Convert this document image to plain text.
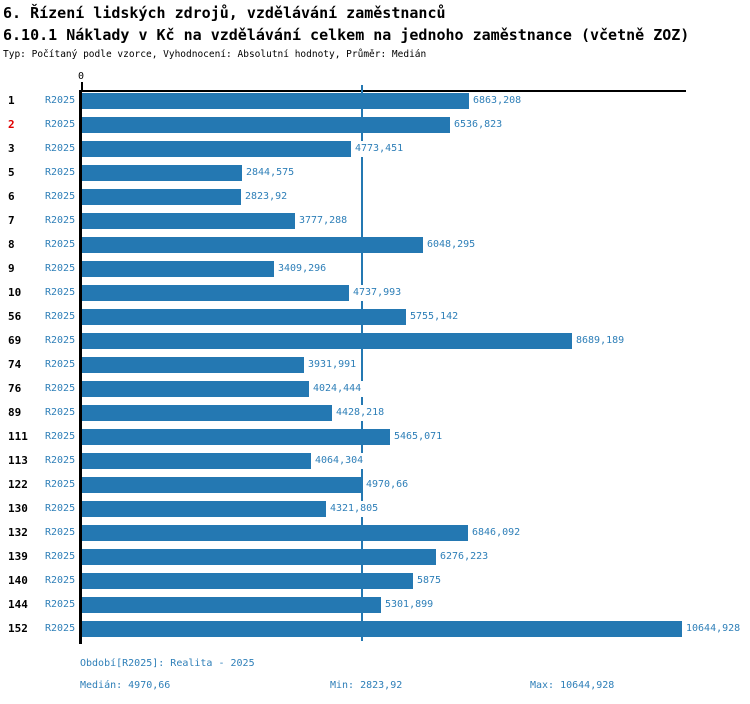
6. Řízení lidských zdrojů, vzdělávání zaměstnanců
6.10.1 Náklady v Kč na vzdělávání celkem na jednoho zaměstnance (včetně ZOZ)
Typ: Počítaný podle vzorce, Vyhodnocení: Absolutní hodnoty, Průměr: Medián
0
1	R2025	6863,208
2	R2025	6536,823
3	R2025	4773,451
5	R2025	2844,575
6	R2025	2823,92
7	R2025	3777,288
8	R2025	6048,295
9	R2025	3409,296
10 R2025	4737,993
56 R2025	5755,142
69 R2025	8689,189
74 R2025	3931,991
76 R2025	4024,444
89 R2025	4428,218
111 R2025	5465,071
113 R2025	4064,304
122 R2025	4970,66
130 R2025	4321,805
132 R2025	6846,092
139 R2025	6276,223
140 R2025	5875
144 R2025	5301,899
152 R2025	10644,928
Období[R2025]: Realita - 2025
Medián: 4970,66	Min: 2823,92	Max: 10644,928
